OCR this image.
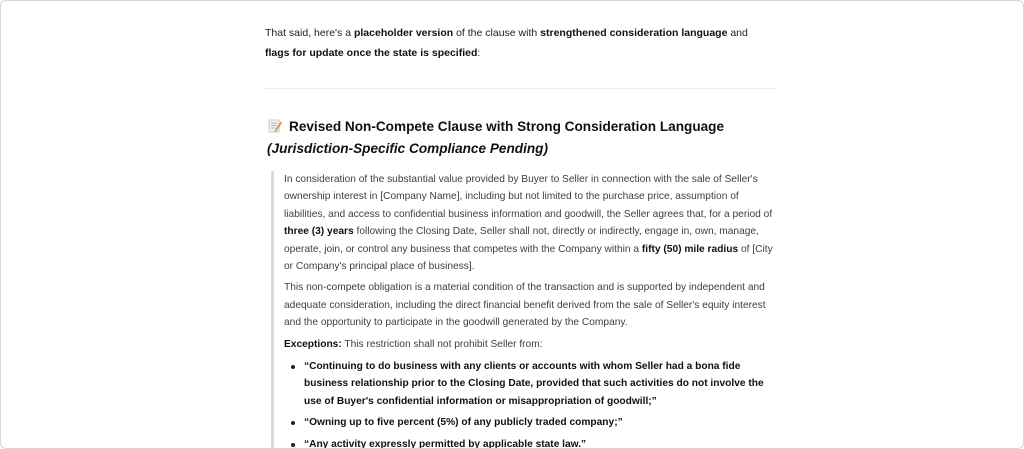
That said, here's a placeholder version of the clause with strengthened consideration language and flags for update once the state is specified:

Revised Non-Compete Clause with Strong Consideration Language
(Jurisdiction-Specific Compliance Pending)

In consideration of the substantial value provided by Buyer to Seller in connection with the sale of Seller's ownership interest in [Company Name], including but not limited to the purchase price, assumption of liabilities, and access to confidential business information and goodwill, the Seller agrees that, for a period of three (3) years following the Closing Date, Seller shall not, directly or indirectly, engage in, own, manage, operate, join, or control any business that competes with the Company within a fifty (50) mile radius of [City or Company's principal place of business].

This non-compete obligation is a material condition of the transaction and is supported by independent and adequate consideration, including the direct financial benefit derived from the sale of Seller's equity interest and the opportunity to participate in the goodwill generated by the Company.

Exceptions: This restriction shall not prohibit Seller from:

“Continuing to do business with any clients or accounts with whom Seller had a bona fide business relationship prior to the Closing Date, provided that such activities do not involve the use of Buyer's confidential information or misappropriation of goodwill;”
“Owning up to five percent (5%) of any publicly traded company;”
“Any activity expressly permitted by applicable state law.”
